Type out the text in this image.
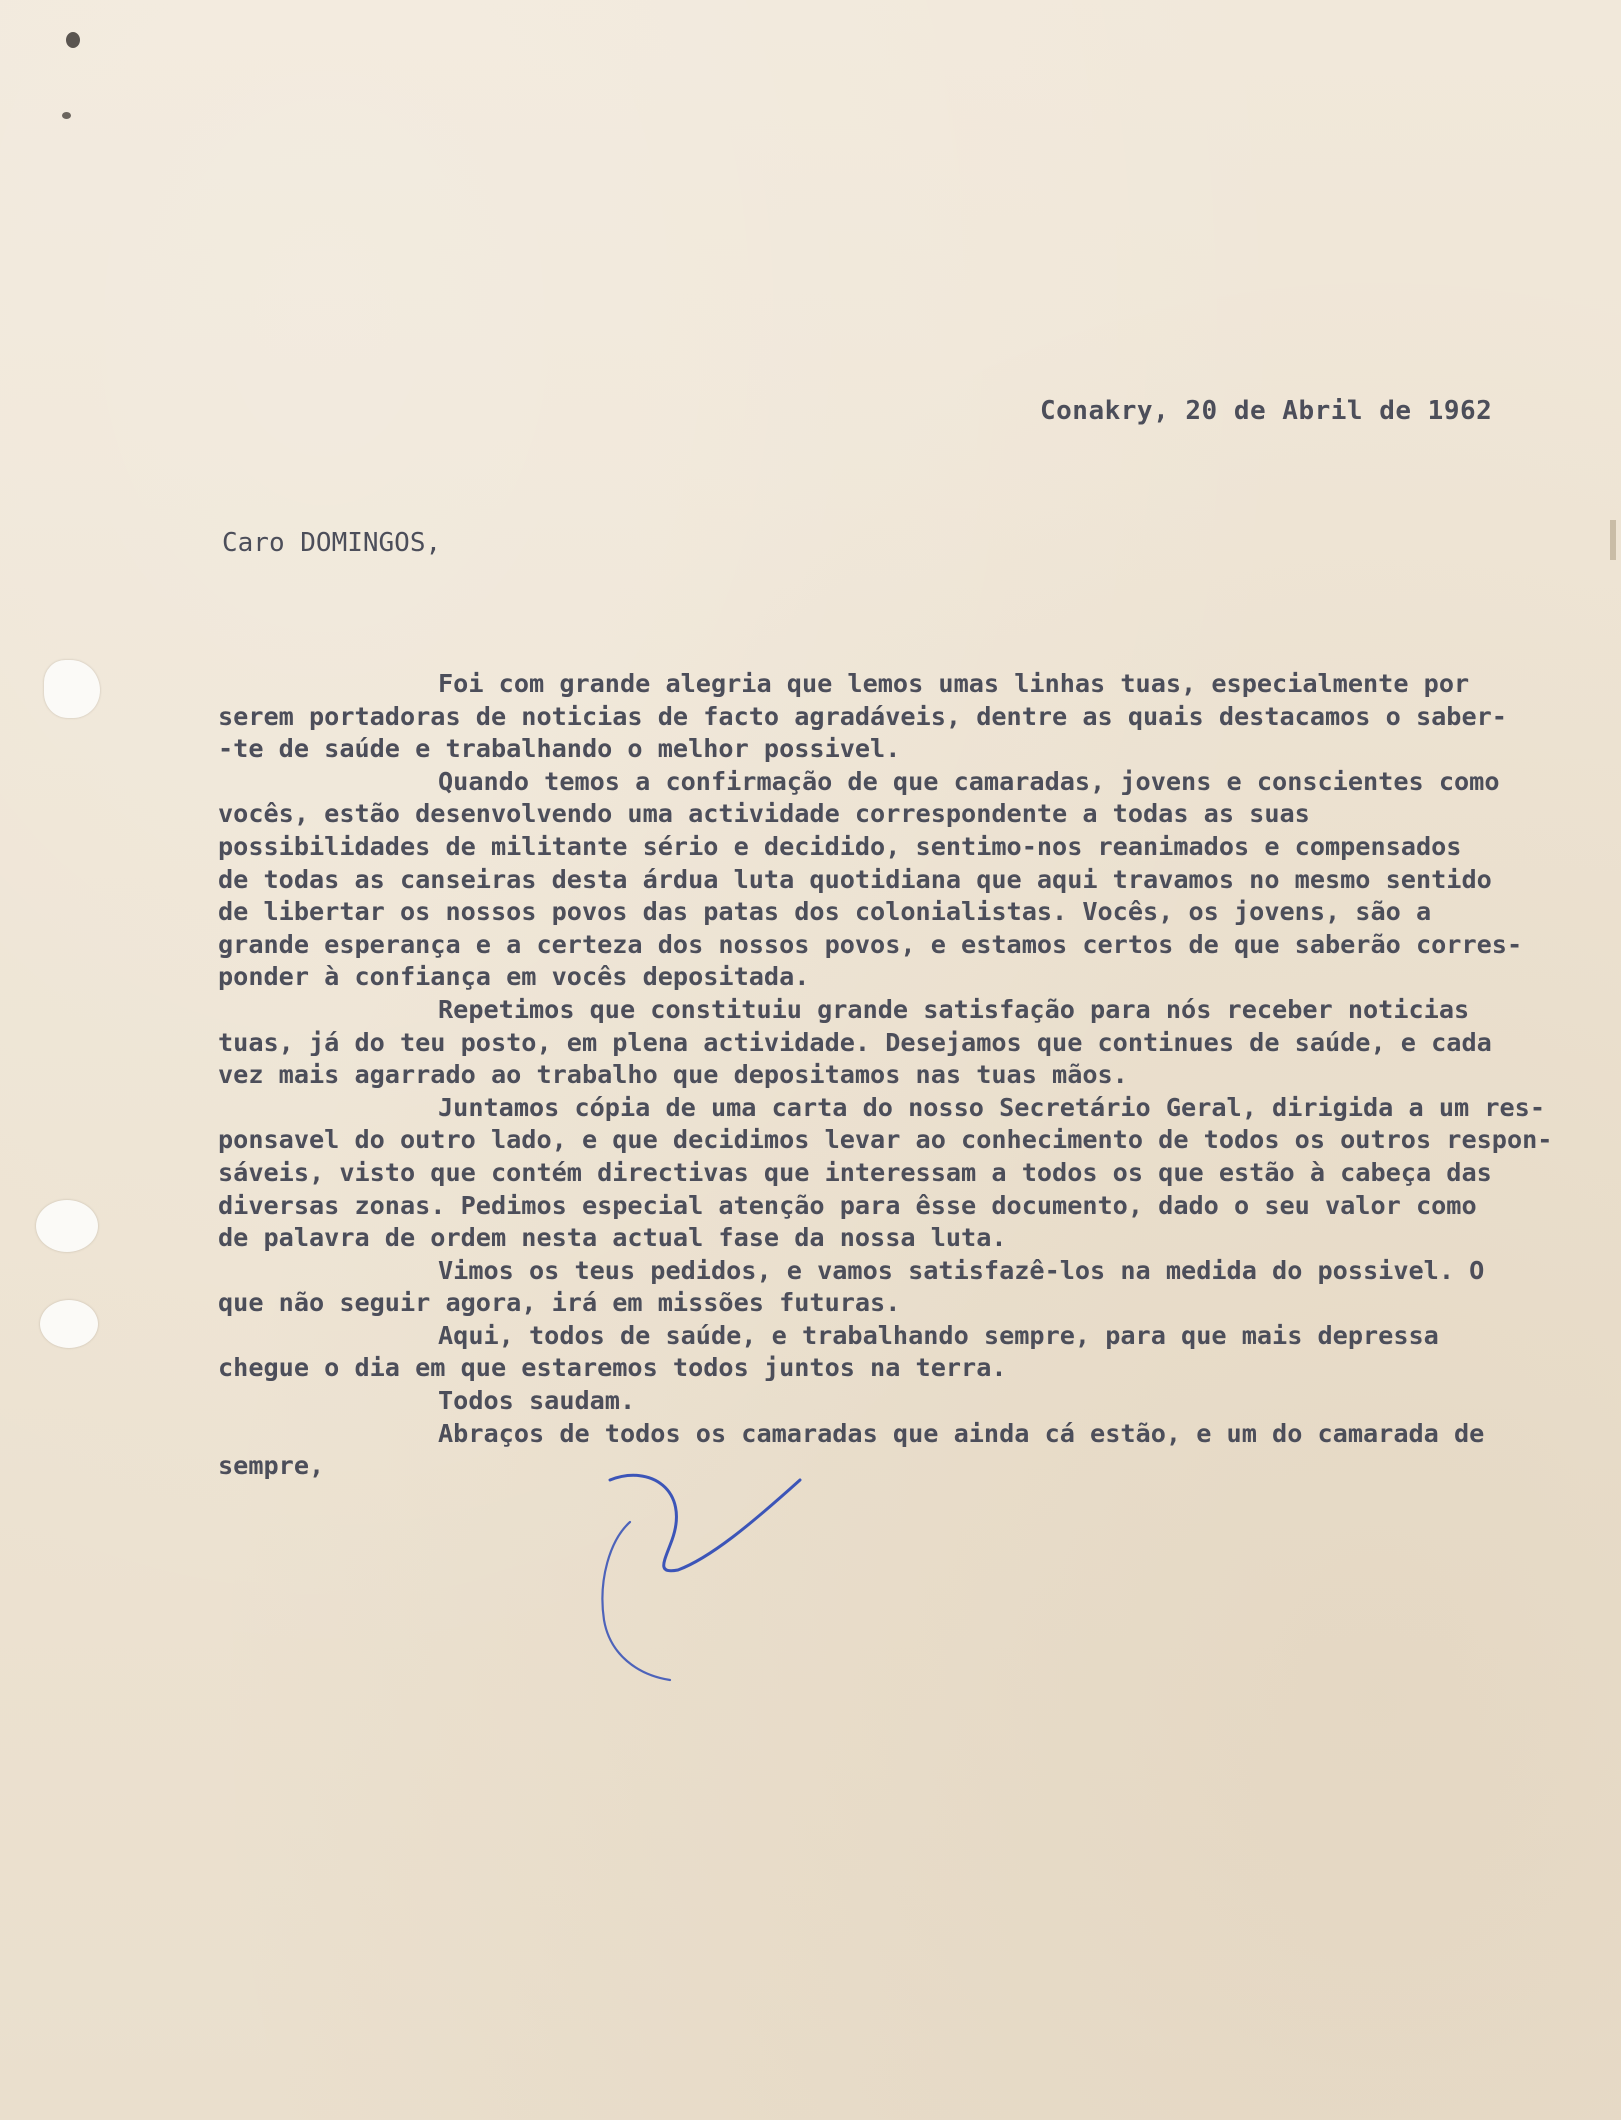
Conakry, 20 de Abril de 1962
Caro DOMINGOS,
Foi com grande alegria que lemos umas linhas tuas, especialmente por
serem portadoras de noticias de facto agradáveis, dentre as quais destacamos o saber-
-te de saúde e trabalhando o melhor possivel.
Quando temos a confirmação de que camaradas, jovens e conscientes como
vocês, estão desenvolvendo uma actividade correspondente a todas as suas
possibilidades de militante sério e decidido, sentimo-nos reanimados e compensados
de todas as canseiras desta árdua luta quotidiana que aqui travamos no mesmo sentido
de libertar os nossos povos das patas dos colonialistas. Vocês, os jovens, são a
grande esperança e a certeza dos nossos povos, e estamos certos de que saberão corres-
ponder à confiança em vocês depositada.
Repetimos que constituiu grande satisfação para nós receber noticias
tuas, já do teu posto, em plena actividade. Desejamos que continues de saúde, e cada
vez mais agarrado ao trabalho que depositamos nas tuas mãos.
Juntamos cópia de uma carta do nosso Secretário Geral, dirigida a um res-
ponsavel do outro lado, e que decidimos levar ao conhecimento de todos os outros respon-
sáveis, visto que contém directivas que interessam a todos os que estão à cabeça das
diversas zonas. Pedimos especial atenção para êsse documento, dado o seu valor como
de palavra de ordem nesta actual fase da nossa luta.
Vimos os teus pedidos, e vamos satisfazê-los na medida do possivel. O
que não seguir agora, irá em missões futuras.
Aqui, todos de saúde, e trabalhando sempre, para que mais depressa
chegue o dia em que estaremos todos juntos na terra.
Todos saudam.
Abraços de todos os camaradas que ainda cá estão, e um do camarada de
sempre,
